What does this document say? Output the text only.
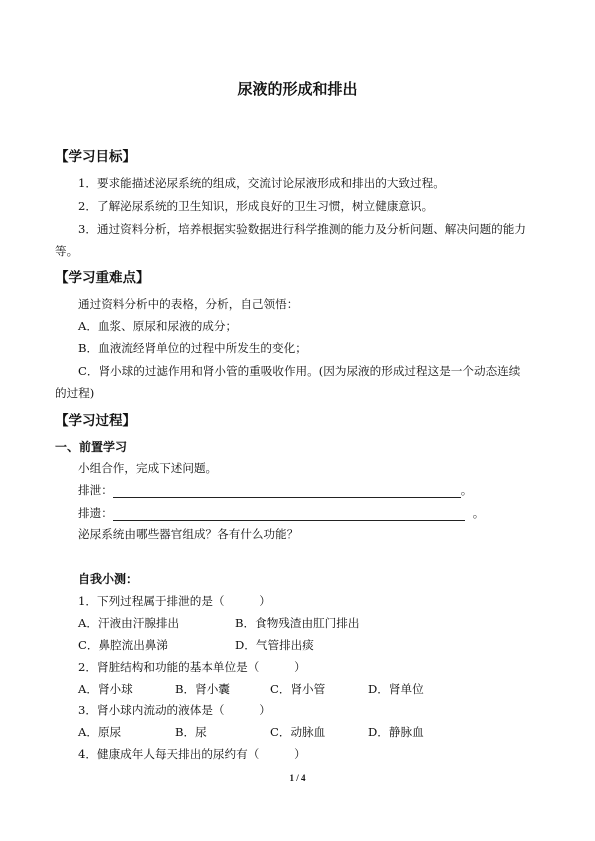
尿液的形成和排出
【学习目标】
1．要求能描述泌尿系统的组成，交流讨论尿液形成和排出的大致过程。
2．了解泌尿系统的卫生知识，形成良好的卫生习惯，树立健康意识。
3．通过资料分析，培养根据实验数据进行科学推测的能力及分析问题、解决问题的能力
等。
【学习重难点】
通过资料分析中的表格，分析，自己领悟：
A．血浆、原尿和尿液的成分；
B．血液流经肾单位的过程中所发生的变化；
C．肾小球的过滤作用和肾小管的重吸收作用。(因为尿液的形成过程这是一个动态连续
的过程)
【学习过程】
一、前置学习
小组合作，完成下述问题。
排泄：	。
排遗：	。
泌尿系统由哪些器官组成？各有什么功能？
自我小测：
1．下列过程属于排泄的是（　　　）
A．汗液由汗腺排出	B．食物残渣由肛门排出
C．鼻腔流出鼻涕	D．气管排出痰
2．肾脏结构和功能的基本单位是（　　　）
A．肾小球	B．肾小囊	C．肾小管	D．肾单位
3．肾小球内流动的液体是（　　　）
A．原尿	B．尿	C．动脉血	D．静脉血
4．健康成年人每天排出的尿约有（　　　）
1 / 4
